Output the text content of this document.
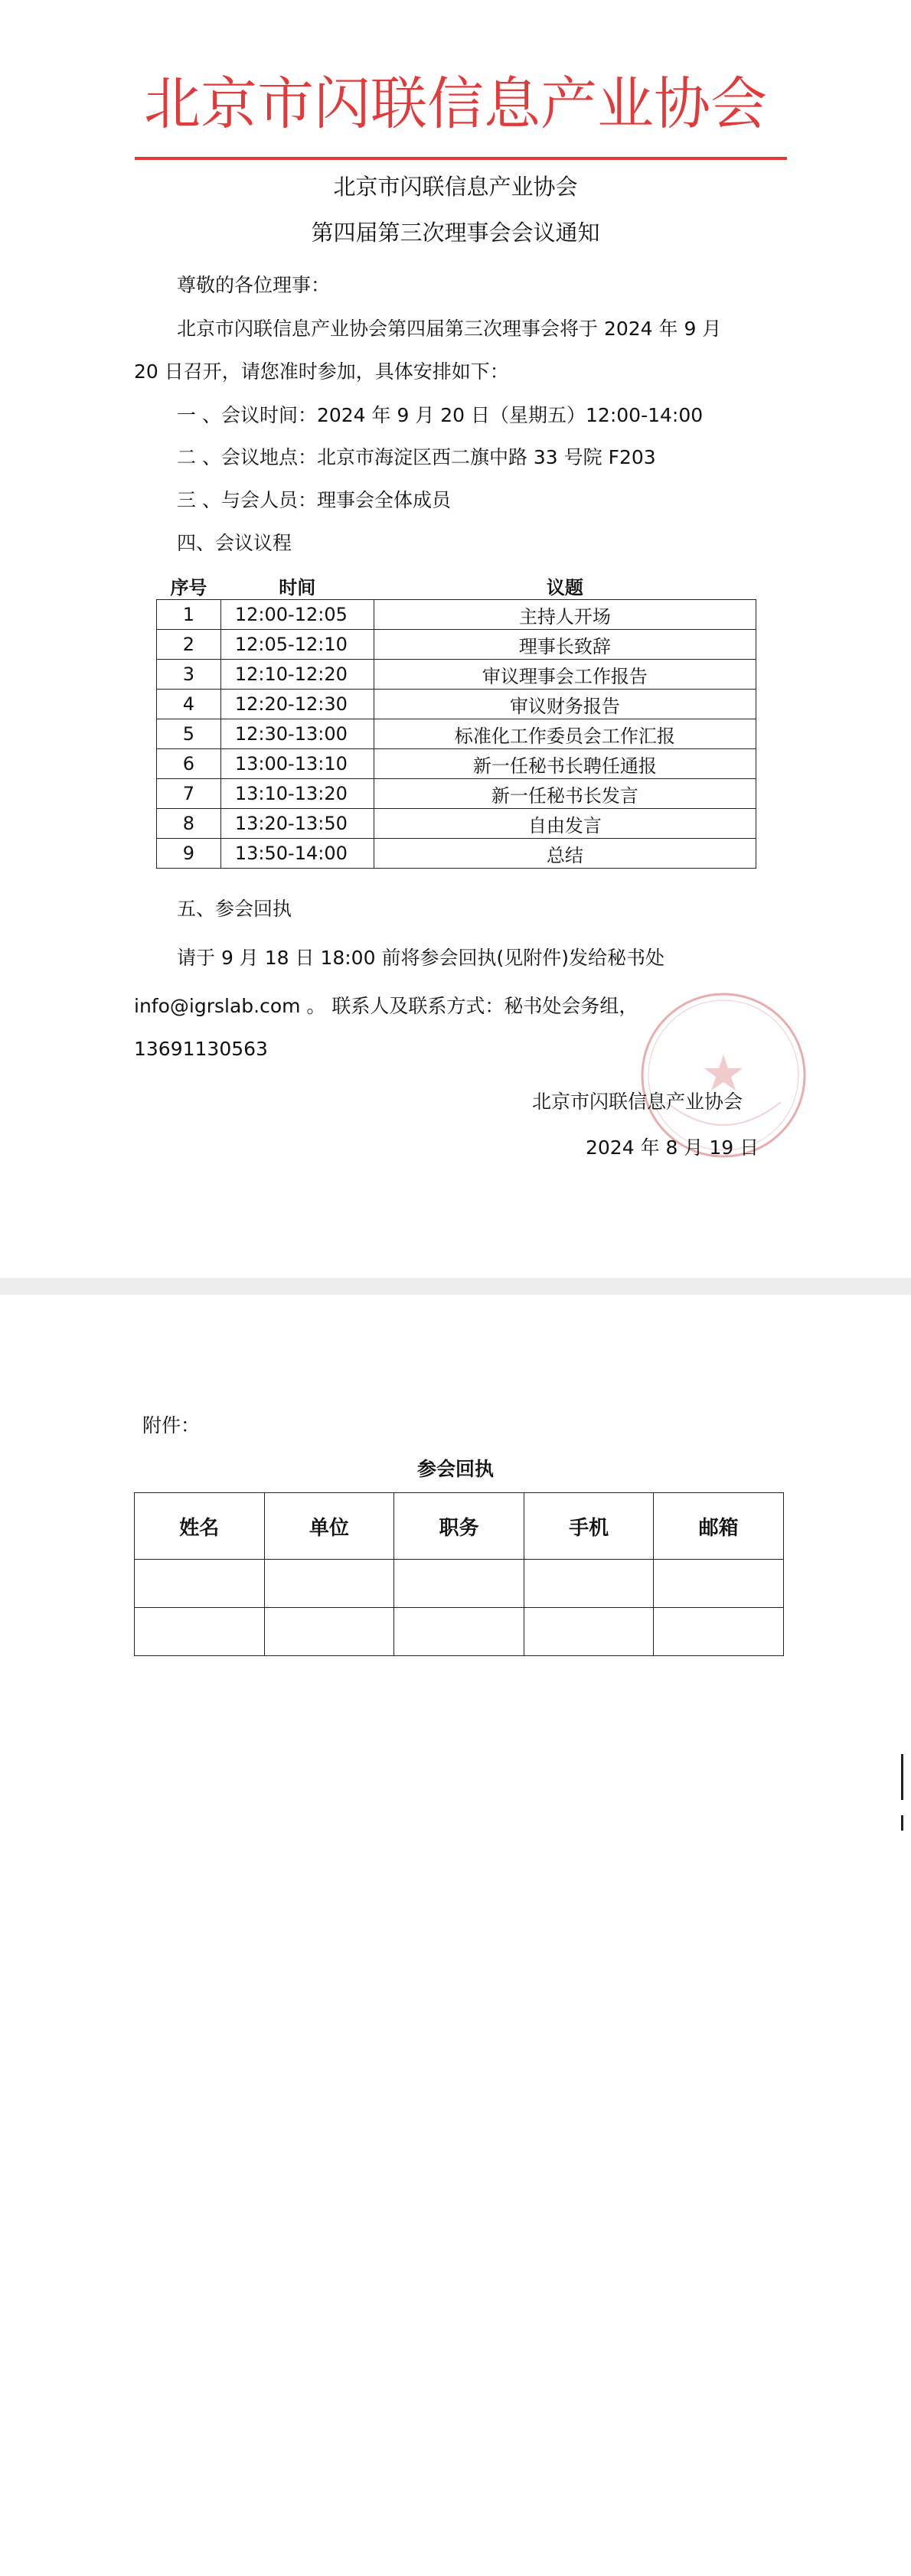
北京市闪联信息产业协会
北京市闪联信息产业协会
第四届第三次理事会会议通知
尊敬的各位理事：
北京市闪联信息产业协会第四届第三次理事会将于 2024 年 9 月
20 日召开，请您准时参加，具体安排如下：
一 、会议时间：2024 年 9 月 20 日（星期五）12:00-14:00
二 、会议地点：北京市海淀区西二旗中路 33 号院 F203
三 、与会人员：理事会全体成员
四、会议议程
序号	时间	议题
1	12:00-12:05	主持人开场
2	12:05-12:10	理事长致辞
3	12:10-12:20	审议理事会工作报告
4	12:20-12:30	审议财务报告
5	12:30-13:00	标准化工作委员会工作汇报
6	13:00-13:10	新一任秘书长聘任通报
7	13:10-13:20	新一任秘书长发言
8	13:20-13:50	自由发言
9	13:50-14:00	总结
五、参会回执
请于 9 月 18 日 18:00 前将参会回执(见附件)发给秘书处
info@igrslab.com 。 联系人及联系方式：秘书处会务组，
13691130563
北京市闪联信息产业协会
2024 年 8 月 19 日
附件：
参会回执
姓名	单位	职务	手机	邮箱
